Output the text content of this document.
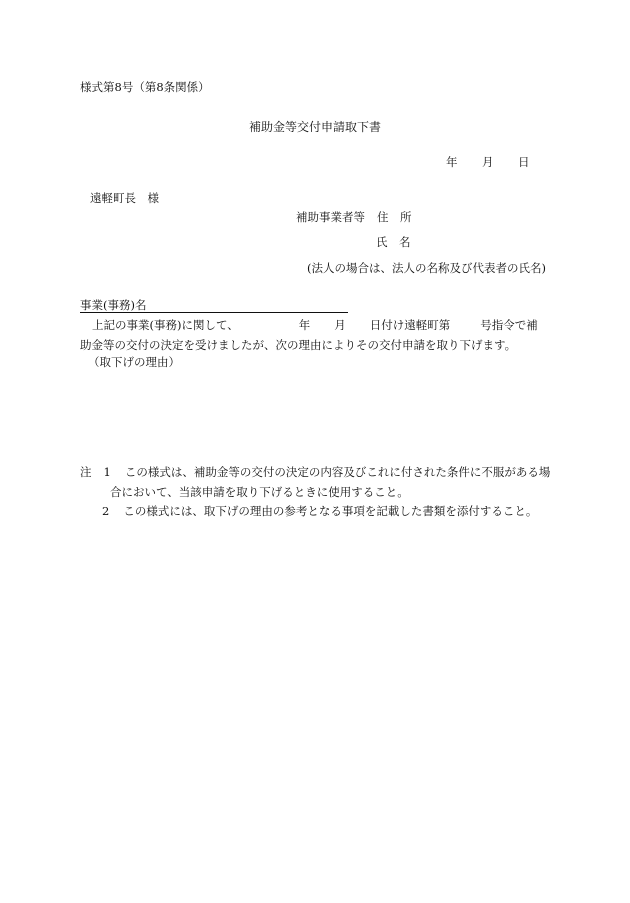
様式第8号（第8条関係）
補助金等交付申請取下書
年 月 日
遠軽町長　様
補助事業者等 住　所
氏　名
(法人の場合は、法人の名称及び代表者の氏名)
事業(事務)名
上記の事業(事務)に関して、	年 月 日付け遠軽町第	号指令で補
助金等の交付の決定を受けましたが、次の理由によりその交付申請を取り下げます。
（取下げの理由）
注 1 この様式は、補助金等の交付の決定の内容及びこれに付された条件に不服がある場
合において、当該申請を取り下げるときに使用すること。
2 この様式には、取下げの理由の参考となる事項を記載した書類を添付すること。
